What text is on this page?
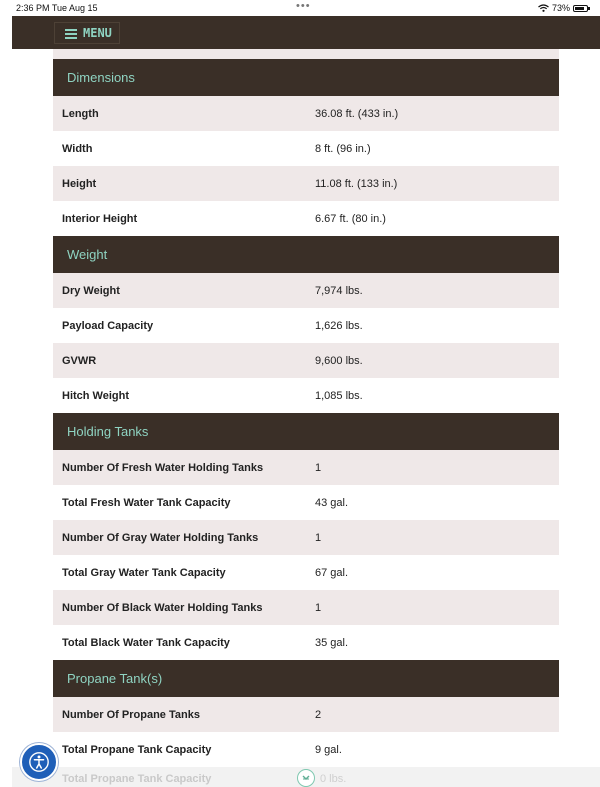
2:36 PM Tue Aug 15	•••	73%
MENU
Dimensions
Length	36.08 ft. (433 in.)
Width	8 ft. (96 in.)
Height	11.08 ft. (133 in.)
Interior Height	6.67 ft. (80 in.)
Weight
Dry Weight	7,974 lbs.
Payload Capacity	1,626 lbs.
GVWR	9,600 lbs.
Hitch Weight	1,085 lbs.
Holding Tanks
Number Of Fresh Water Holding Tanks	1
Total Fresh Water Tank Capacity	43 gal.
Number Of Gray Water Holding Tanks	1
Total Gray Water Tank Capacity	67 gal.
Number Of Black Water Holding Tanks	1
Total Black Water Tank Capacity	35 gal.
Propane Tank(s)
Number Of Propane Tanks	2
Total Propane Tank Capacity	9 gal.
Total Propane Tank Capacity	0 lbs.
